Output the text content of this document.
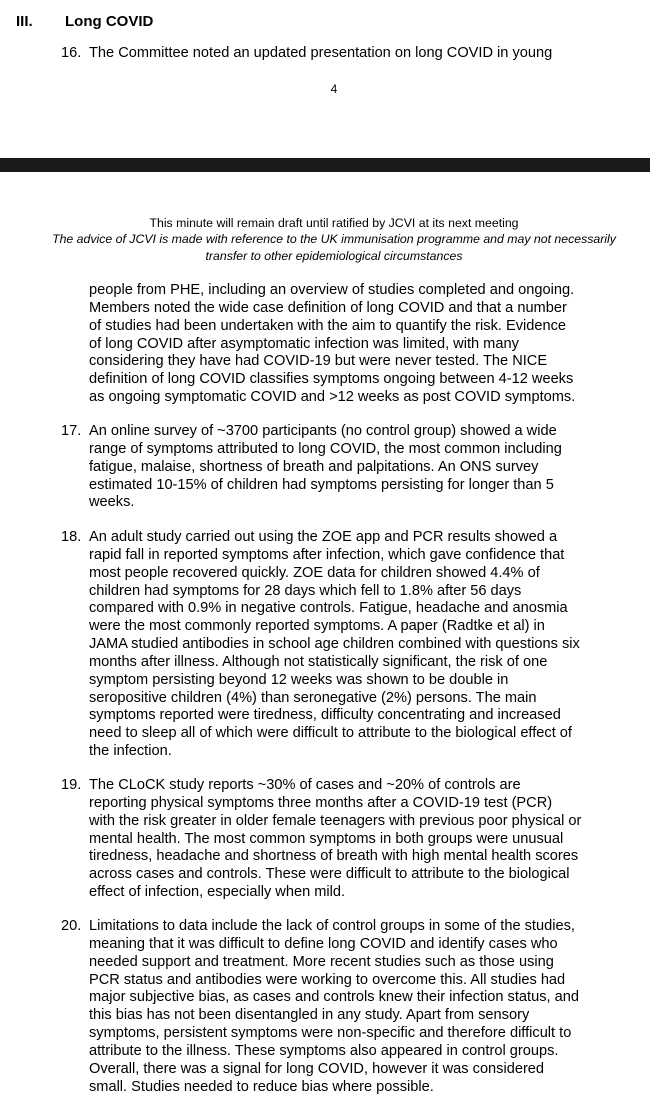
III. Long COVID
16. The Committee noted an updated presentation on long COVID in young
4
This minute will remain draft until ratified by JCVI at its next meeting
The advice of JCVI is made with reference to the UK immunisation programme and may not necessarily
transfer to other epidemiological circumstances
people from PHE, including an overview of studies completed and ongoing.
Members noted the wide case definition of long COVID and that a number
of studies had been undertaken with the aim to quantify the risk. Evidence
of long COVID after asymptomatic infection was limited, with many
considering they have had COVID-19 but were never tested. The NICE
definition of long COVID classifies symptoms ongoing between 4-12 weeks
as ongoing symptomatic COVID and >12 weeks as post COVID symptoms.
17. An online survey of ~3700 participants (no control group) showed a wide
range of symptoms attributed to long COVID, the most common including
fatigue, malaise, shortness of breath and palpitations. An ONS survey
estimated 10-15% of children had symptoms persisting for longer than 5
weeks.
18. An adult study carried out using the ZOE app and PCR results showed a
rapid fall in reported symptoms after infection, which gave confidence that
most people recovered quickly. ZOE data for children showed 4.4% of
children had symptoms for 28 days which fell to 1.8% after 56 days
compared with 0.9% in negative controls. Fatigue, headache and anosmia
were the most commonly reported symptoms. A paper (Radtke et al) in
JAMA studied antibodies in school age children combined with questions six
months after illness. Although not statistically significant, the risk of one
symptom persisting beyond 12 weeks was shown to be double in
seropositive children (4%) than seronegative (2%) persons. The main
symptoms reported were tiredness, difficulty concentrating and increased
need to sleep all of which were difficult to attribute to the biological effect of
the infection.
19. The CLoCK study reports ~30% of cases and ~20% of controls are
reporting physical symptoms three months after a COVID-19 test (PCR)
with the risk greater in older female teenagers with previous poor physical or
mental health. The most common symptoms in both groups were unusual
tiredness, headache and shortness of breath with high mental health scores
across cases and controls. These were difficult to attribute to the biological
effect of infection, especially when mild.
20. Limitations to data include the lack of control groups in some of the studies,
meaning that it was difficult to define long COVID and identify cases who
needed support and treatment. More recent studies such as those using
PCR status and antibodies were working to overcome this. All studies had
major subjective bias, as cases and controls knew their infection status, and
this bias has not been disentangled in any study. Apart from sensory
symptoms, persistent symptoms were non-specific and therefore difficult to
attribute to the illness. These symptoms also appeared in control groups.
Overall, there was a signal for long COVID, however it was considered
small. Studies needed to reduce bias where possible.
